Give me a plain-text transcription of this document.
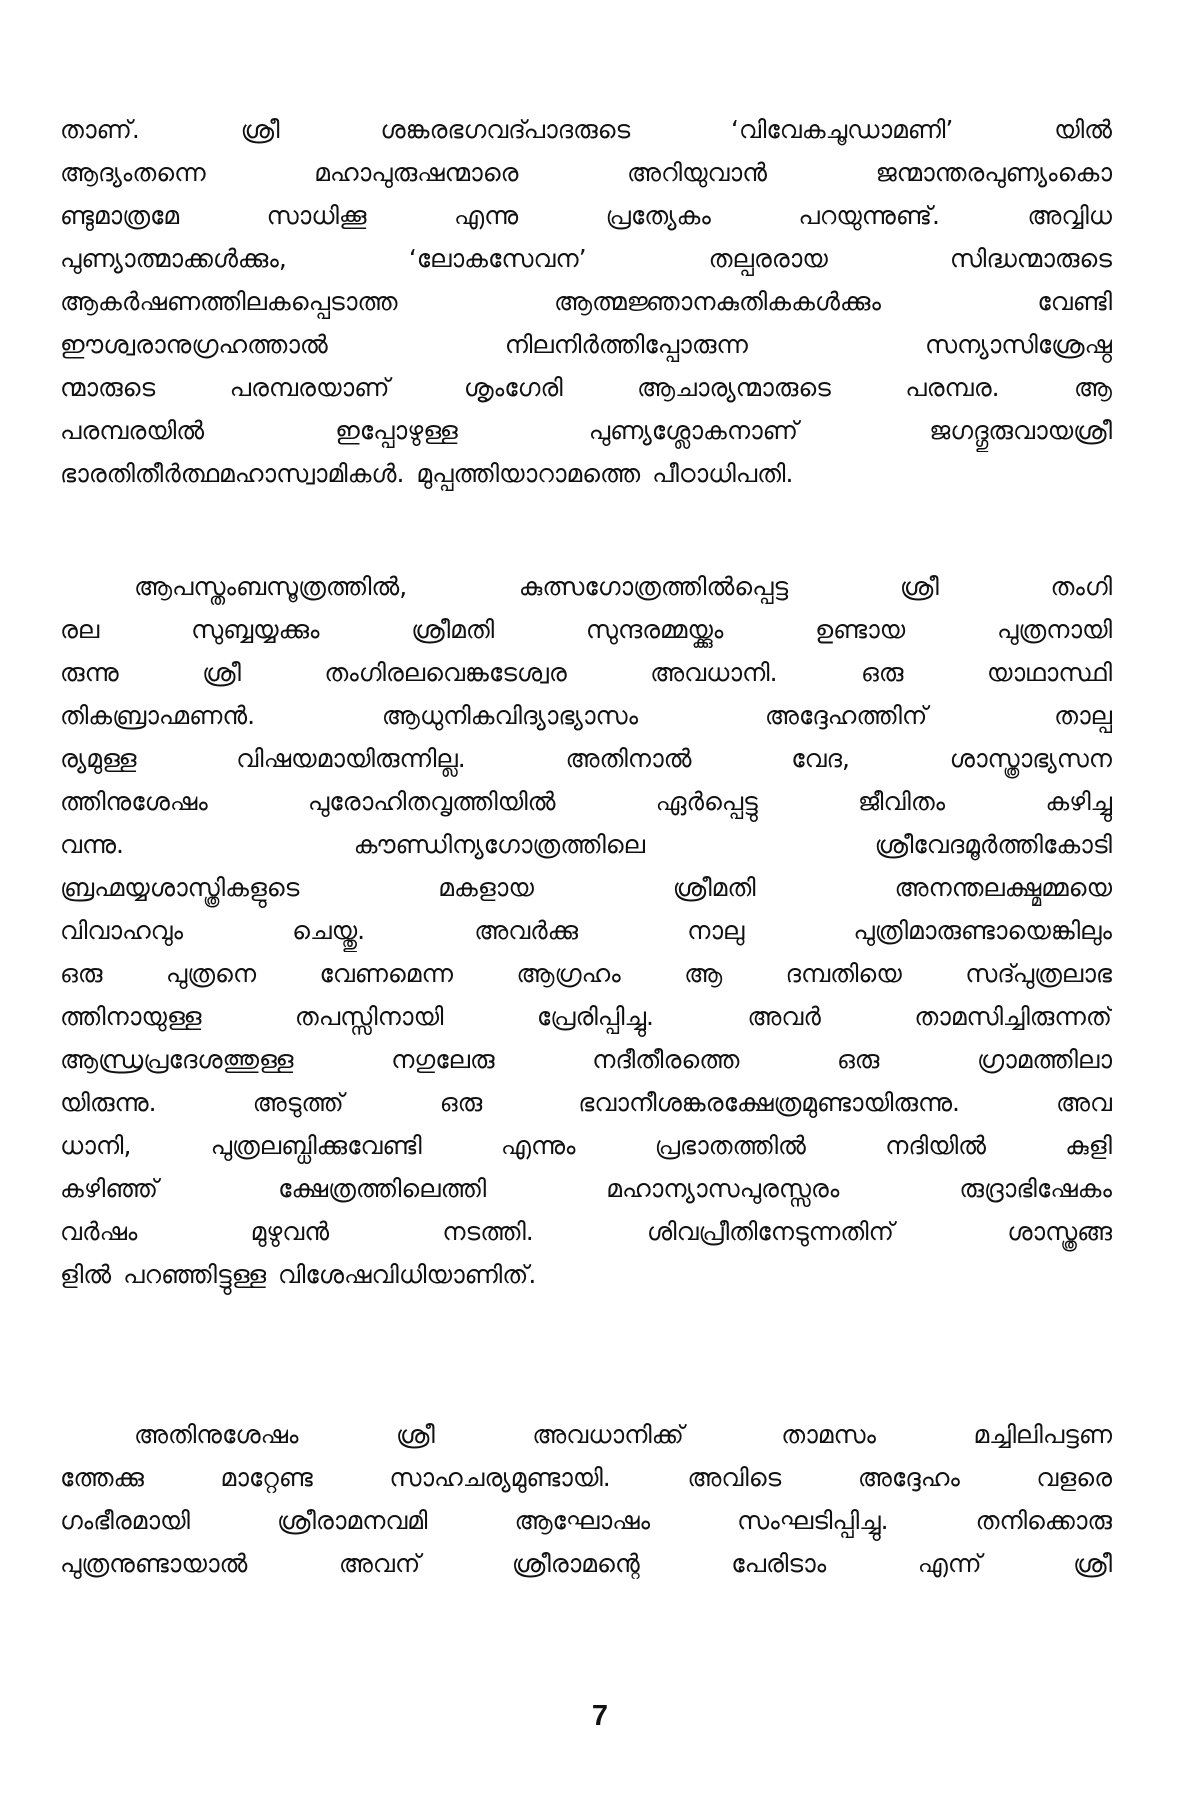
താണ്. ശ്രീ ശങ്കരഭഗവദ്പാദരുടെ ‘വിവേകചൂഡാമണി’ യിൽ
ആദ്യംതന്നെ മഹാപുരുഷന്മാരെ അറിയുവാൻ ജന്മാന്തരപുണ്യംകൊ
ണ്ടുമാത്രമേ സാധിക്കൂ എന്നു പ്രത്യേകം പറയുന്നുണ്ട്. അവ്വിധ
പുണ്യാത്മാക്കൾക്കും, ‘ലോകസേവന’ തല്പരരായ സിദ്ധന്മാരുടെ
ആകർഷണത്തിലകപ്പെടാത്ത ആത്മജ്ഞാനകുതികകൾക്കും വേണ്ടി
ഈശ്വരാനുഗ്രഹത്താൽ നിലനിർത്തിപ്പോരുന്ന സന്യാസിശ്രേഷ്ഠ
ന്മാരുടെ പരമ്പരയാണ് ശൃംഗേരി ആചാര്യന്മാരുടെ പരമ്പര. ആ
പരമ്പരയിൽ ഇപ്പോഴുള്ള പുണ്യശ്ലോകനാണ് ജഗദ്ഗുരുവായശ്രീ
ഭാരതിതീർത്ഥമഹാസ്വാമികൾ. മുപ്പത്തിയാറാമത്തെ പീഠാധിപതി.
ആപസ്തംബസൂത്രത്തിൽ, കുത്സഗോത്രത്തിൽപ്പെട്ട ശ്രീ തംഗി
രല സുബ്ബയ്യക്കും ശ്രീമതി സുന്ദരമ്മയ്ക്കും ഉണ്ടായ പുത്രനായി
രുന്നു ശ്രീ തംഗിരലവെങ്കടേശ്വര അവധാനി. ഒരു യാഥാസ്ഥി
തികബ്രാഹ്മണൻ. ആധുനികവിദ്യാഭ്യാസം അദ്ദേഹത്തിന് താല്പ
ര്യമുള്ള വിഷയമായിരുന്നില്ല. അതിനാൽ വേദ, ശാസ്ത്രാഭ്യസന
ത്തിനുശേഷം പുരോഹിതവൃത്തിയിൽ ഏർപ്പെട്ടു ജീവിതം കഴിച്ചു
വന്നു. കൗണ്ഡിന്യഗോത്രത്തിലെ ശ്രീവേദമൂർത്തികോടി
ബ്രഹ്മയ്യശാസ്ത്രികളുടെ മകളായ ശ്രീമതി അനന്തലക്ഷ്മമ്മയെ
വിവാഹവും ചെയ്തു. അവർക്കു നാലു പുത്രിമാരുണ്ടായെങ്കിലും
ഒരു പുത്രനെ വേണമെന്ന ആഗ്രഹം ആ ദമ്പതിയെ സദ്പുത്രലാഭ
ത്തിനായുള്ള തപസ്സിനായി പ്രേരിപ്പിച്ചു. അവർ താമസിച്ചിരുന്നത്
ആന്ധ്രപ്രദേശത്തുള്ള നഗുലേരു നദീതീരത്തെ ഒരു ഗ്രാമത്തിലാ
യിരുന്നു. അടുത്ത് ഒരു ഭവാനീശങ്കരക്ഷേത്രമുണ്ടായിരുന്നു. അവ
ധാനി, പുത്രലബ്ധിക്കുവേണ്ടി എന്നും പ്രഭാതത്തിൽ നദിയിൽ കുളി
കഴിഞ്ഞ് ക്ഷേത്രത്തിലെത്തി മഹാന്യാസപുരസ്സരം രുദ്രാഭിഷേകം
വർഷം മുഴുവൻ നടത്തി. ശിവപ്രീതിനേടുന്നതിന് ശാസ്ത്രങ്ങ
ളിൽ പറഞ്ഞിട്ടുള്ള വിശേഷവിധിയാണിത്.
അതിനുശേഷം ശ്രീ അവധാനിക്ക് താമസം മച്ചിലിപട്ടണ
ത്തേക്കു മാറ്റേണ്ട സാഹചര്യമുണ്ടായി. അവിടെ അദ്ദേഹം വളരെ
ഗംഭീരമായി ശ്രീരാമനവമി ആഘോഷം സംഘടിപ്പിച്ചു. തനിക്കൊരു
പുത്രനുണ്ടായാൽ അവന് ശ്രീരാമന്റെ പേരിടാം എന്ന് ശ്രീ
7
